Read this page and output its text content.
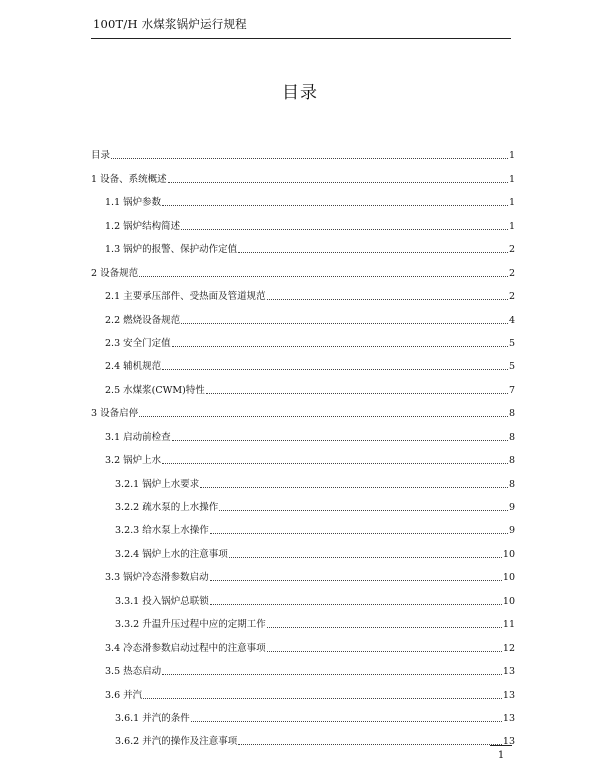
100T/H 水煤浆锅炉运行规程
目录
目录	1
1 设备、系统概述	1
1.1 锅炉参数	1
1.2 锅炉结构简述	1
1.3 锅炉的报警、保护动作定值	2
2 设备规范	2
2.1 主要承压部件、受热面及管道规范	2
2.2 燃烧设备规范	4
2.3 安全门定值	5
2.4 辅机规范	5
2.5 水煤浆(CWM)特性	7
3 设备启停	8
3.1 启动前检查	8
3.2 锅炉上水	8
3.2.1 锅炉上水要求	8
3.2.2 疏水泵的上水操作	9
3.2.3 给水泵上水操作	9
3.2.4 锅炉上水的注意事项	10
3.3 锅炉冷态滑参数启动	10
3.3.1 投入锅炉总联锁	10
3.3.2 升温升压过程中应的定期工作	11
3.4 冷态滑参数启动过程中的注意事项	12
3.5 热态启动	13
3.6 并汽	13
3.6.1 并汽的条件	13
3.6.2 并汽的操作及注意事项	13
1
